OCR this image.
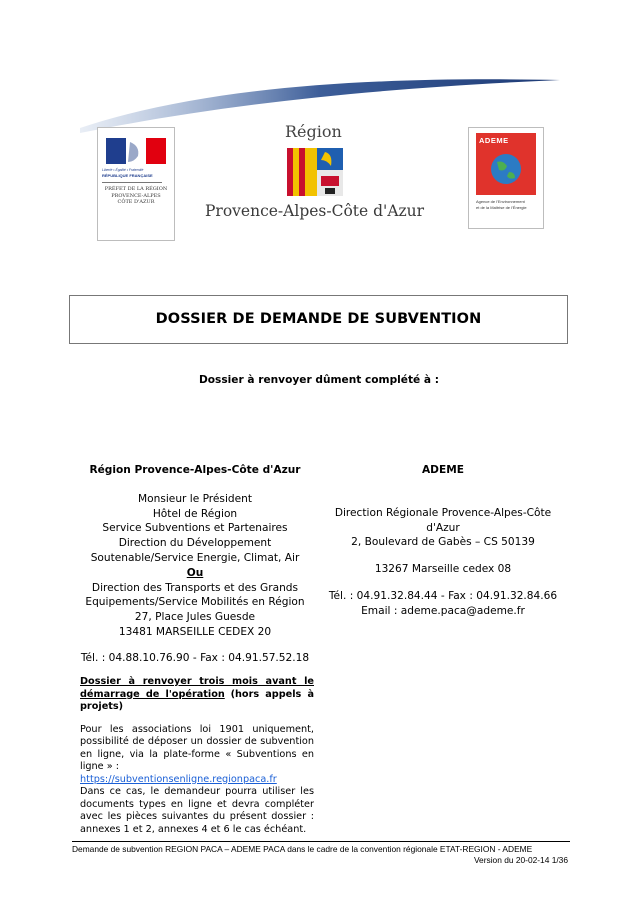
Liberté • Égalité • Fraternité
RÉPUBLIQUE FRANÇAISE
PRÉFET DE LA RÉGION
PROVENCE-ALPES
CÔTE D'AZUR
Région
Provence-Alpes-Côte d'Azur
ADEME
Agence de l'Environnement
et de la Maîtrise de l'Énergie
DOSSIER DE DEMANDE DE SUBVENTION
Dossier à renvoyer dûment complété à :
Région Provence-Alpes-Côte d'Azur
Monsieur le Président
Hôtel de Région
Service Subventions et Partenaires
Direction du Développement
Soutenable/Service Energie, Climat, Air
Ou
Direction des Transports et des Grands
Equipements/Service Mobilités en Région
27, Place Jules Guesde
13481 MARSEILLE CEDEX 20
Tél. : 04.88.10.76.90 - Fax : 04.91.57.52.18
ADEME
Direction Régionale Provence-Alpes-Côte
d'Azur
2, Boulevard de Gabès – CS 50139
13267 Marseille cedex 08
Tél. : 04.91.32.84.44 - Fax : 04.91.32.84.66
Email : ademe.paca@ademe.fr
Dossier à renvoyer trois mois avant le démarrage de l'opération (hors appels à projets)
Pour les associations loi 1901 uniquement, possibilité de déposer un dossier de subvention en ligne, via la plate-forme « Subventions en ligne » :
https://subventionsenligne.regionpaca.fr
Dans ce cas, le demandeur pourra utiliser les documents types en ligne et devra compléter avec les pièces suivantes du présent dossier : annexes 1 et 2, annexes 4 et 6 le cas échéant.
Demande de subvention REGION PACA – ADEME PACA dans le cadre de la convention régionale ETAT-REGION - ADEME
Version du 20-02-14 1/36
